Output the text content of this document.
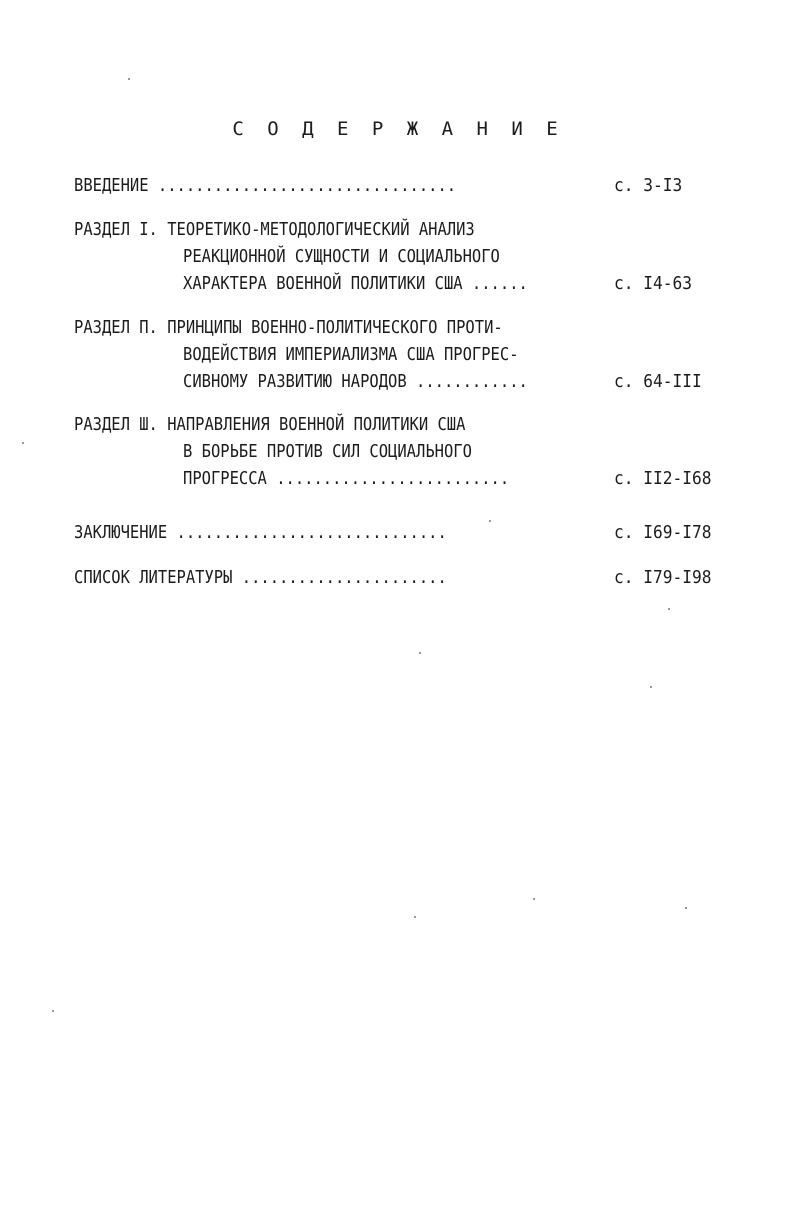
С О Д Е Р Ж А Н И Е
ВВЕДЕНИЕ ................................	с. 3-I3
РАЗДЕЛ I. ТЕОРЕТИКО-МЕТОДОЛОГИЧЕСКИЙ АНАЛИЗ
РЕАКЦИОННОЙ СУЩНОСТИ И СОЦИАЛЬНОГО
ХАРАКТЕРА ВОЕННОЙ ПОЛИТИКИ США ......	с. I4-63
РАЗДЕЛ П. ПРИНЦИПЫ ВОЕННО-ПОЛИТИЧЕСКОГО ПРОТИ-
ВОДЕЙСТВИЯ ИМПЕРИАЛИЗМА США ПРОГРЕС-
СИВНОМУ РАЗВИТИЮ НАРОДОВ ............	с. 64-III
РАЗДЕЛ Ш. НАПРАВЛЕНИЯ ВОЕННОЙ ПОЛИТИКИ США
В БОРЬБЕ ПРОТИВ СИЛ СОЦИАЛЬНОГО
ПРОГРЕССА .........................	с. II2-I68
ЗАКЛЮЧЕНИЕ .............................	с. I69-I78
СПИСОК ЛИТЕРАТУРЫ ......................	с. I79-I98
